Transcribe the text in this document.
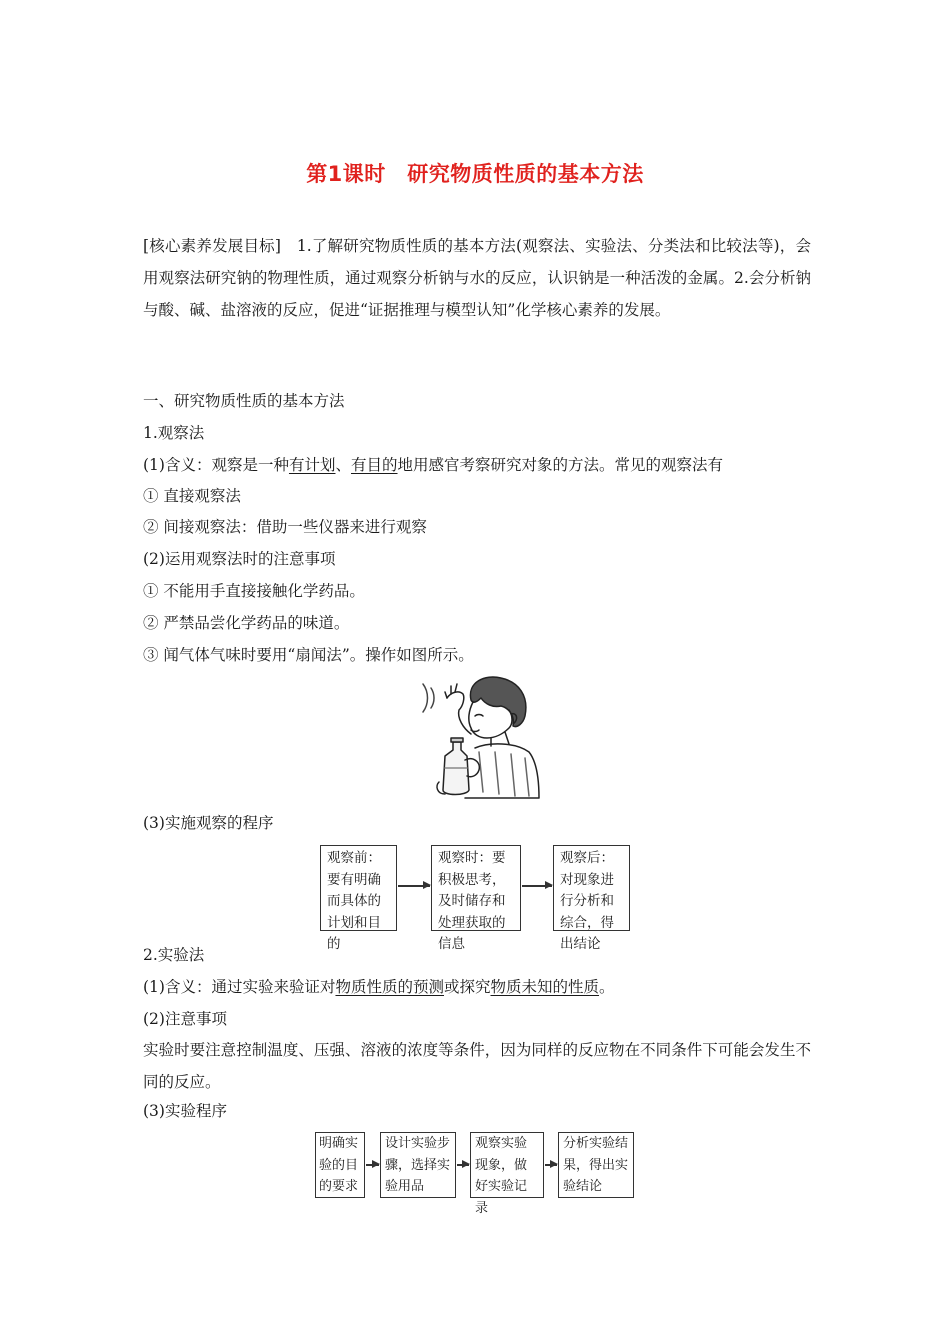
第1课时　研究物质性质的基本方法
[核心素养发展目标]　1.了解研究物质性质的基本方法(观察法、实验法、分类法和比较法等)，会用观察法研究钠的物理性质，通过观察分析钠与水的反应，认识钠是一种活泼的金属。2.会分析钠与酸、碱、盐溶液的反应，促进“证据推理与模型认知”化学核心素养的发展。
一、研究物质性质的基本方法
1.观察法
(1)含义：观察是一种有计划、有目的地用感官考察研究对象的方法。常见的观察法有
① 直接观察法
② 间接观察法：借助一些仪器来进行观察
(2)运用观察法时的注意事项
① 不能用手直接接触化学药品。
② 严禁品尝化学药品的味道。
③ 闻气体气味时要用“扇闻法”。操作如图所示。
(3)实施观察的程序
观察前：要有明确而具体的计划和目的
观察时：要积极思考，及时储存和处理获取的信息
观察后：对现象进行分析和综合，得出结论
2.实验法
(1)含义：通过实验来验证对物质性质的预测或探究物质未知的性质。
(2)注意事项
实验时要注意控制温度、压强、溶液的浓度等条件，因为同样的反应物在不同条件下可能会发生不同的反应。
(3)实验程序
明确实验的目的要求
设计实验步骤，选择实验用品
观察实验现象，做好实验记录
分析实验结果，得出实验结论
